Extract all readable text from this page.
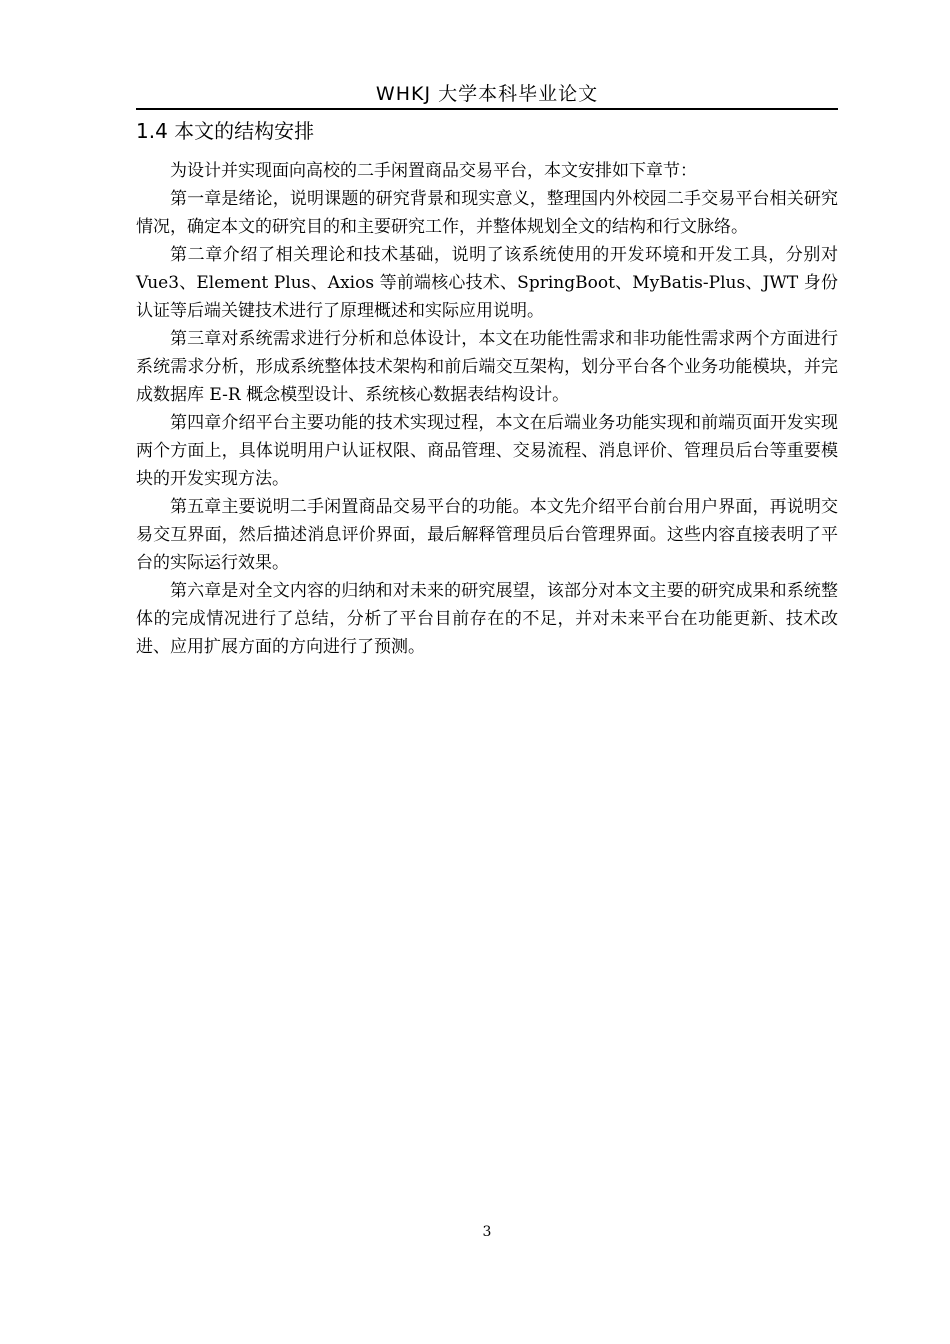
WHKJ 大学本科毕业论文
1.4 本文的结构安排

为设计并实现面向高校的二手闲置商品交易平台，本文安排如下章节：

第一章是绪论，说明课题的研究背景和现实意义，整理国内外校园二手交易平台相关研究情况，确定本文的研究目的和主要研究工作，并整体规划全文的结构和行文脉络。

第二章介绍了相关理论和技术基础，说明了该系统使用的开发环境和开发工具，分别对 Vue3、Element Plus、Axios 等前端核心技术、SpringBoot、MyBatis-Plus、JWT 身份认证等后端关键技术进行了原理概述和实际应用说明。

第三章对系统需求进行分析和总体设计，本文在功能性需求和非功能性需求两个方面进行系统需求分析，形成系统整体技术架构和前后端交互架构，划分平台各个业务功能模块，并完成数据库 E-R 概念模型设计、系统核心数据表结构设计。

第四章介绍平台主要功能的技术实现过程，本文在后端业务功能实现和前端页面开发实现两个方面上，具体说明用户认证权限、商品管理、交易流程、消息评价、管理员后台等重要模块的开发实现方法。

第五章主要说明二手闲置商品交易平台的功能。本文先介绍平台前台用户界面，再说明交易交互界面，然后描述消息评价界面，最后解释管理员后台管理界面。这些内容直接表明了平台的实际运行效果。

第六章是对全文内容的归纳和对未来的研究展望，该部分对本文主要的研究成果和系统整体的完成情况进行了总结，分析了平台目前存在的不足，并对未来平台在功能更新、技术改进、应用扩展方面的方向进行了预测。

3
